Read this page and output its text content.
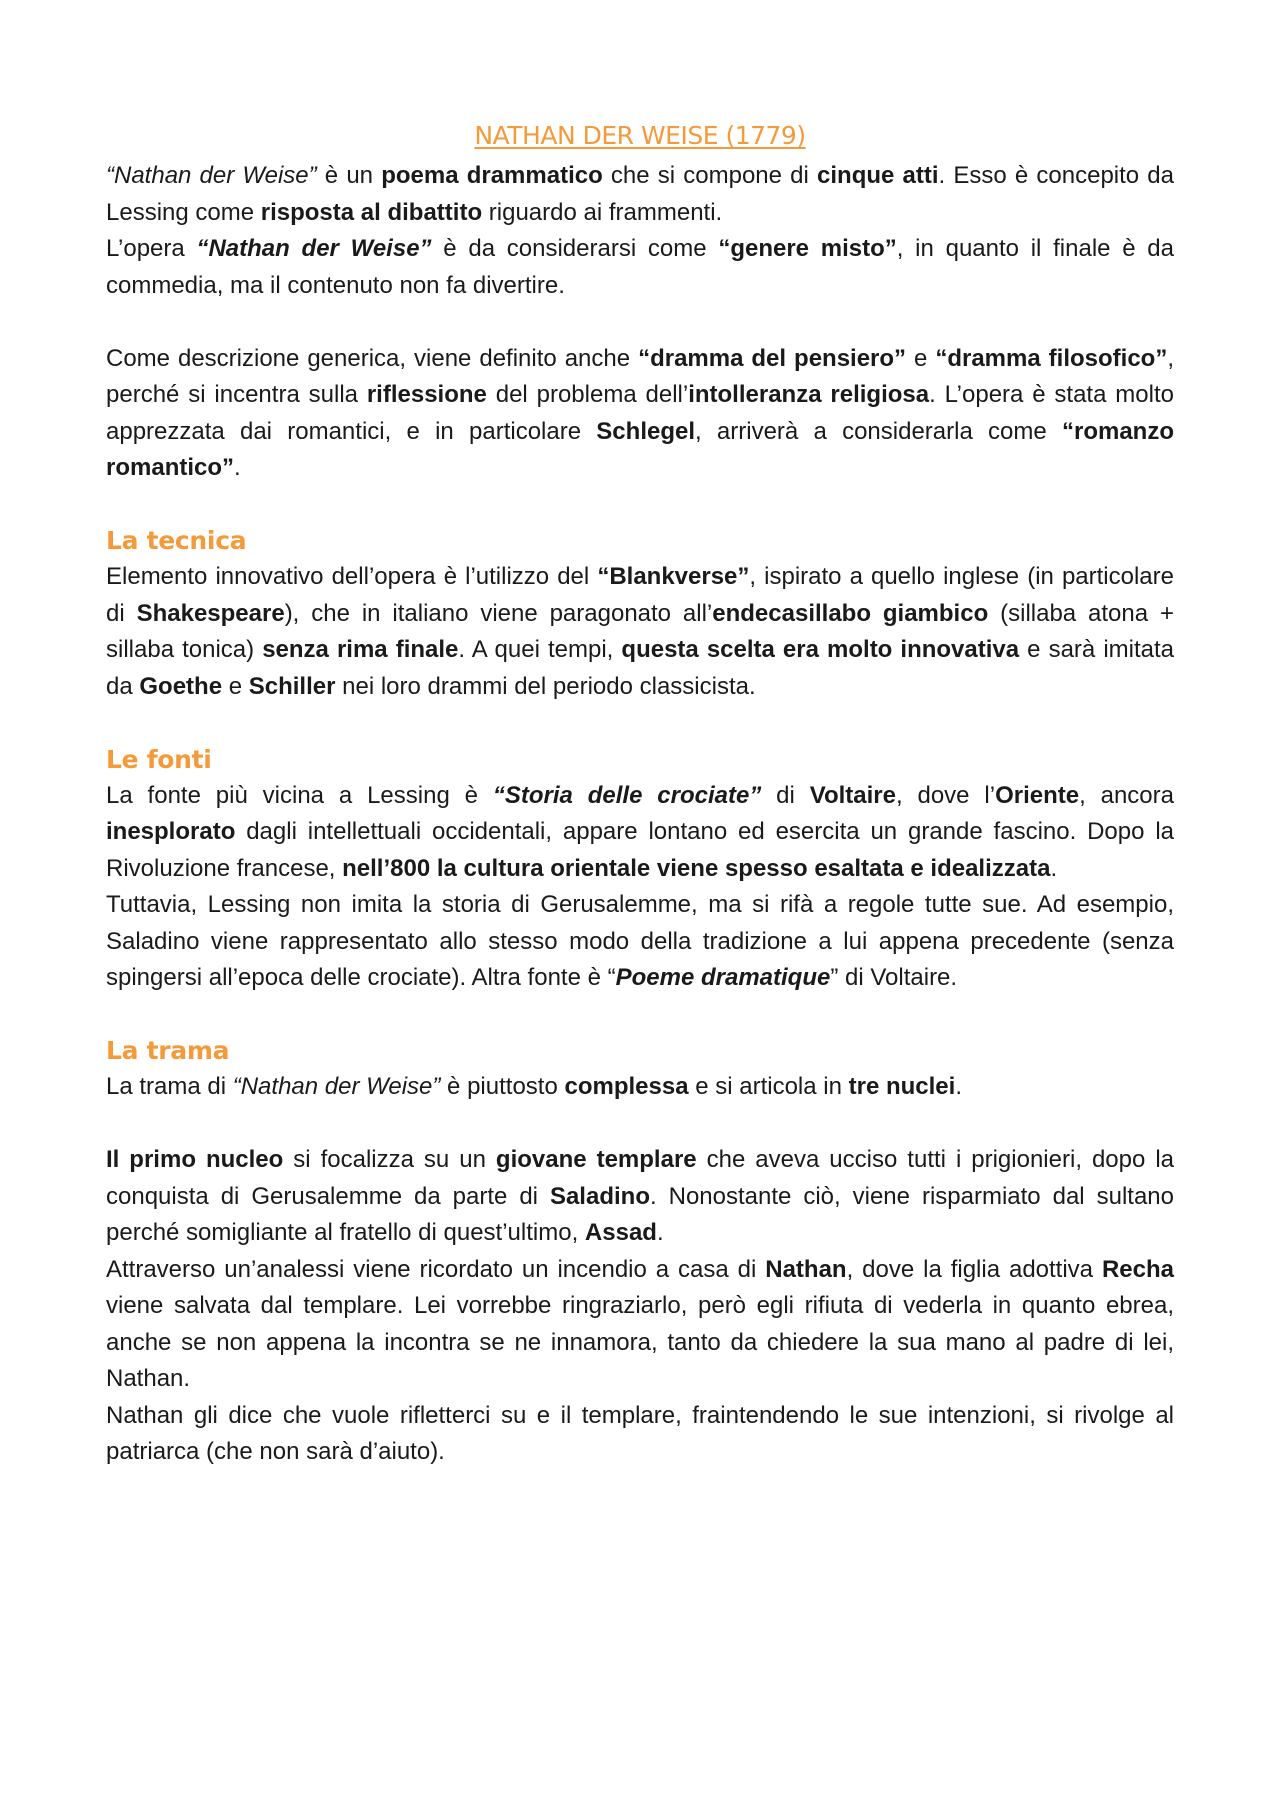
NATHAN DER WEISE (1779)

“Nathan der Weise” è un poema drammatico che si compone di cinque atti. Esso è concepito da Lessing come risposta al dibattito riguardo ai frammenti.

L’opera “Nathan der Weise” è da considerarsi come “genere misto”, in quanto il finale è da commedia, ma il contenuto non fa divertire.

Come descrizione generica, viene definito anche “dramma del pensiero” e “dramma filosofico”, perché si incentra sulla riflessione del problema dell’intolleranza religiosa. L’opera è stata molto apprezzata dai romantici, e in particolare Schlegel, arriverà a considerarla come “romanzo romantico”.

La tecnica

Elemento innovativo dell’opera è l’utilizzo del “Blankverse”, ispirato a quello inglese (in particolare di Shakespeare), che in italiano viene paragonato all’endecasillabo giambico (sillaba atona + sillaba tonica) senza rima finale. A quei tempi, questa scelta era molto innovativa e sarà imitata da Goethe e Schiller nei loro drammi del periodo classicista.

Le fonti

La fonte più vicina a Lessing è “Storia delle crociate” di Voltaire, dove l’Oriente, ancora inesplorato dagli intellettuali occidentali, appare lontano ed esercita un grande fascino. Dopo la Rivoluzione francese, nell’800 la cultura orientale viene spesso esaltata e idealizzata.

Tuttavia, Lessing non imita la storia di Gerusalemme, ma si rifà a regole tutte sue. Ad esempio, Saladino viene rappresentato allo stesso modo della tradizione a lui appena precedente (senza spingersi all’epoca delle crociate). Altra fonte è “Poeme dramatique” di Voltaire.

La trama

La trama di “Nathan der Weise” è piuttosto complessa e si articola in tre nuclei.

Il primo nucleo si focalizza su un giovane templare che aveva ucciso tutti i prigionieri, dopo la conquista di Gerusalemme da parte di Saladino. Nonostante ciò, viene risparmiato dal sultano perché somigliante al fratello di quest’ultimo, Assad.

Attraverso un’analessi viene ricordato un incendio a casa di Nathan, dove la figlia adottiva Recha viene salvata dal templare. Lei vorrebbe ringraziarlo, però egli rifiuta di vederla in quanto ebrea, anche se non appena la incontra se ne innamora, tanto da chiedere la sua mano al padre di lei, Nathan.

Nathan gli dice che vuole rifletterci su e il templare, fraintendendo le sue intenzioni, si rivolge al patriarca (che non sarà d’aiuto).
